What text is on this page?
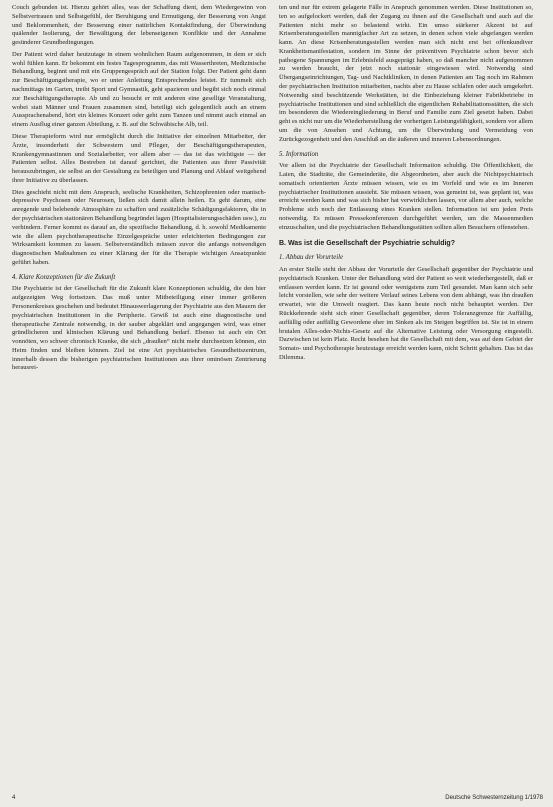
Couch gebunden ist. Hierzu gehört alles, was der Schaffung dient, dem Wiedergewinn von Selbstvertrauen und Selbstgefühl, der Beruhigung und Ermutigung, der Besserung von Angst und Beklommenheit, der Besserung einer natürlichen Kontaktfindung, der Überwindung quälender Isolierung, der Bewältigung der lebenseigenen Konflikte und der Annahme gesünderer Grundbedingungen.

Der Patient wird daher heutzutage in einem wohnlichen Raum aufgenommen, in dem er sich wohl fühlen kann. Er bekommt ein festes Tagesprogramm, das mit Wasserthreten, Medizinische Behandlung, beginnt und mit ein Gruppengespräch auf der Station folgt. Der Patient geht dann zur Beschäftigungstherapie, wo er unter Anleitung Entsprechendes leistet. Er tummelt sich nachmittags im Garten, treibt Sport und Gymnastik, geht spazieren und begibt sich noch einmal zur Beschäftigungstherapie. Ab und zu besucht er mit anderen eine gesellige Veranstaltung, wobei statt Männer und Frauen zusammen sind, beteiligt sich gelegentlich auch an einem Aussprachenabend, hört ein kleines Konzert oder geht zum Tanzen und nimmt auch einmal an einem Ausflug einer ganzen Abteilung, z. B. auf die Schwäbische Alb, teil.

Diese Therapieform wird nur ermöglicht durch die Initiative der einzelnen Mitarbeiter, der Ärzte, insonderheit der Schwestern und Pfleger, der Beschäftigungstherapeuten, Krankengymnastinnen und Sozialarbeiter, vor allem aber — das ist das wichtigste — der Patienten selbst. Alles Bestreben ist darauf gerichtet, die Patienten aus ihrer Passivität herauszubringen, sie selbst an der Gestaltung zu beteiligen und Planung und Ablauf weitgehend ihrer Initiative zu überlassen.

Dies geschieht nicht mit dem Anspruch, seelische Krankheiten, Schizophrenien oder manisch-depressive Psychosen oder Neurosen, ließen sich damit allein heilen. Es geht darum, eine anregende und belebende Atmosphäre zu schaffen und zusätzliche Schädigungsfaktoren, die in der psychiatrischen stationären Behandlung begründet lagen (Hospitalisierungsschäden usw.), zu verhindern. Ferner kommt es darauf an, die spezifische Behandlung, d. h. sowohl Medikamente wie die allem psychotherapeutische Einzelgespräche unter erleichterten Bedingungen zur Wirksamkeit kommen zu lassen. Selbstverständlich müssen zuvor die anfangs notwendigen diagnostischen Maßnahmen zu einer Klärung der für die Therapie wichtigen Ansatzpunkte geführt haben.

4. Klare Konzeptionen für die Zukunft

Die Psychiatrie ist der Gesellschaft für die Zukunft klare Konzeptionen schuldig, die den hier aufgezeigten Weg fortsetzen. Das muß unter Mitbeteiligung einer immer größeren Personenkreises geschehen und bedeutet Hinauswerlagerung der Psychiatrie aus den Mauern der psychiatrischen Institutionen in die Peripherie. Gewiß ist auch eine diagnostische und therapeutische Zentrale notwendig, in der sauber abgeklärt und angegangen wird, was einer gründlicheren und klinischen Klärung und Behandlung bedarf. Ebenso ist auch ein Ort vonnöten, wo schwer chronisch Kranke, die sich „draußen“ nicht mehr durchsetzen können, ein Heim finden und bleiben können. Ziel ist eine Art psychiatrisches Gesundheitszentrum, innerhalb dessen die bisherigen psychiatrischen Institutionen aus ihrer ominösen Zentrierung herausrei-

ten und nur für extrem gelagerte Fälle in Anspruch genommen werden. Diese Institutionen so, ten so aufgelockert werden, daß der Zugang zu ihnen auf die Gesellschaft und auch auf die Patienten nicht mehr so belastend wirkt. Ein umso stärkerer Akzent ist auf Krisenberatungsstellen mannigfacher Art zu setzen, in denen schon viele abgefangen werden kann. An diese Krisenberatungsstellen werden man sich nicht erst bei offenkundiver Krankheitsmanifestation, sondern im Sinne der präventiven Psychiatrie schon bevor sich pathogene Spannungen im Erlebnisfeld ausgeprägt haben, so daß mancher nicht aufgenommen zu werden braucht, der jetzt noch stationär eingewiesen wird. Notwendig sind Übergangseinrichtungen, Tag- und Nachtkliniken, in denen Patienten am Tag noch im Rahmen der psychiatrischen Institution mitarbeiten, nachts aber zu Hause schlafen oder auch umgekehrt. Notwendig sind beschützende Werkstätten, ist die Einbeziehung kleiner Fabrikbetriebe in psychiatrische Institutionen und sind schließlich die eigentlichen Rehabilitationsstätten, die sich im besonderen die Wiedereingliederung in Beruf und Familie zum Ziel gesetzt haben. Dabei geht es nicht nur um die Wiederherstellung der vorherigen Leistungsfähigkeit, sondern vor allem um die von Ansehen und Achtung, um die Überwindung und Vermeidung von Zurückgezogenheit und den Anschluß an die äußeren und inneren Lebensordnungen.

5. Information

Vor allem ist die Psychiatrie der Gesellschaft Information schuldig. Die Öffentlichkeit, die Laien, die Stadträte, die Gemeinderäte, die Abgeordneten, aber auch die Nichtpsychiatrisch somatisch orientierten Ärzte müssen wissen, wie es im Vorfeld und wie es im Inneren psychiatrischer Institutionen aussieht. Sie müssen wissen, was gemeint ist, was geplant ist, was erreicht werden kann und was sich bisher hat verwirklichen lassen, vor allem aber auch, welche Probleme sich noch der Entlassung eines Kranken stellen. Information ist um jeden Preis notwendig. Es müssen Pressekonferenzen durchgeführt werden, um die Massenmedien einzuschalten, und die psychiatrischen Behandlungsstätten sollten allen Besuchern offenstehen.

B. Was ist die Gesellschaft der Psychiatrie schuldig?
1. Abbau der Vorurteile

An erster Stelle steht der Abbau der Vorurteile der Gesellschaft gegenüber der Psychiatrie und psychiatrisch Kranken. Unter der Behandlung wird der Patient so weit wiederhergestellt, daß er entlassen werden kann. Er ist gesund oder wenigstens zum Teil gesundet. Man kann sich sehr leicht vorstellen, wie sehr der weitere Verlauf seines Lebens von dem abhängt, was ihn draußen erwartet, wie die Umwelt reagiert. Das kann heute noch nicht behauptet werden. Der Rückkehrende sieht sich einer Gesellschaft gegenüber, deren Toleranzgrenze für Auffällig, auffällig oder auffällig Gewordene eher im Sinken als im Steigen begriffen ist. Sie ist in einem brutalen Alles-oder-Nichts-Gesetz auf die Alternative Leistung oder Versorgung eingestellt. Dazwischen ist kein Platz. Recht besehen hat die Gesellschaft mit dem, was auf dem Gebiet der Somato- und Psychotherapie heutzutage erreicht werden kann, nicht Schritt gehalten. Das ist das Dilemma.

4	Deutsche Schwesternzeitung 1/1978
